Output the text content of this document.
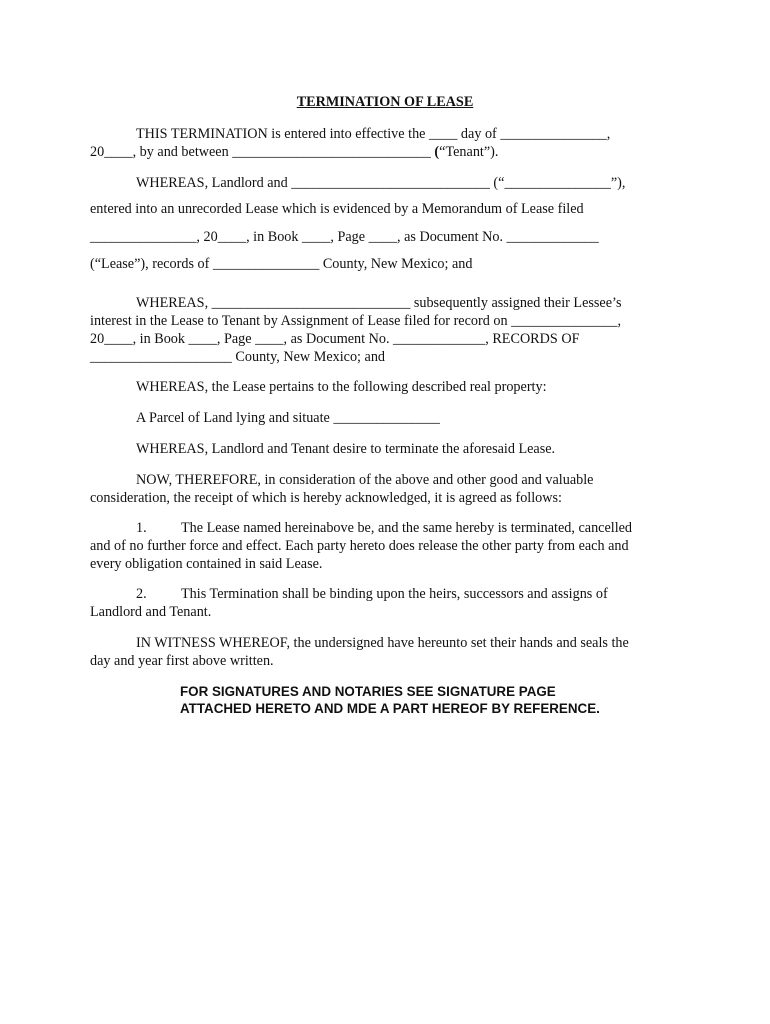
TERMINATION OF LEASE
THIS TERMINATION is entered into effective the ____ day of _______________,
20____, by and between ____________________________ (“Tenant”).
WHEREAS, Landlord and ____________________________ (“_______________”),
entered into an unrecorded Lease which is evidenced by a Memorandum of Lease filed
_______________, 20____, in Book ____, Page ____, as Document No. _____________
(“Lease”), records of _______________ County, New Mexico; and
WHEREAS, ____________________________ subsequently assigned their Lessee’s
interest in the Lease to Tenant by Assignment of Lease filed for record on _______________,
20____, in Book ____, Page ____, as Document No. _____________, RECORDS OF
____________________ County, New Mexico; and
WHEREAS, the Lease pertains to the following described real property:
A Parcel of Land lying and situate _______________
WHEREAS, Landlord and Tenant desire to terminate the aforesaid Lease.
NOW, THEREFORE, in consideration of the above and other good and valuable
consideration, the receipt of which is hereby acknowledged, it is agreed as follows:
1. The Lease named hereinabove be, and the same hereby is terminated, cancelled
and of no further force and effect. Each party hereto does release the other party from each and
every obligation contained in said Lease.
2. This Termination shall be binding upon the heirs, successors and assigns of
Landlord and Tenant.
IN WITNESS WHEREOF, the undersigned have hereunto set their hands and seals the
day and year first above written.
FOR SIGNATURES AND NOTARIES SEE SIGNATURE PAGE
ATTACHED HERETO AND MDE A PART HEREOF BY REFERENCE.
